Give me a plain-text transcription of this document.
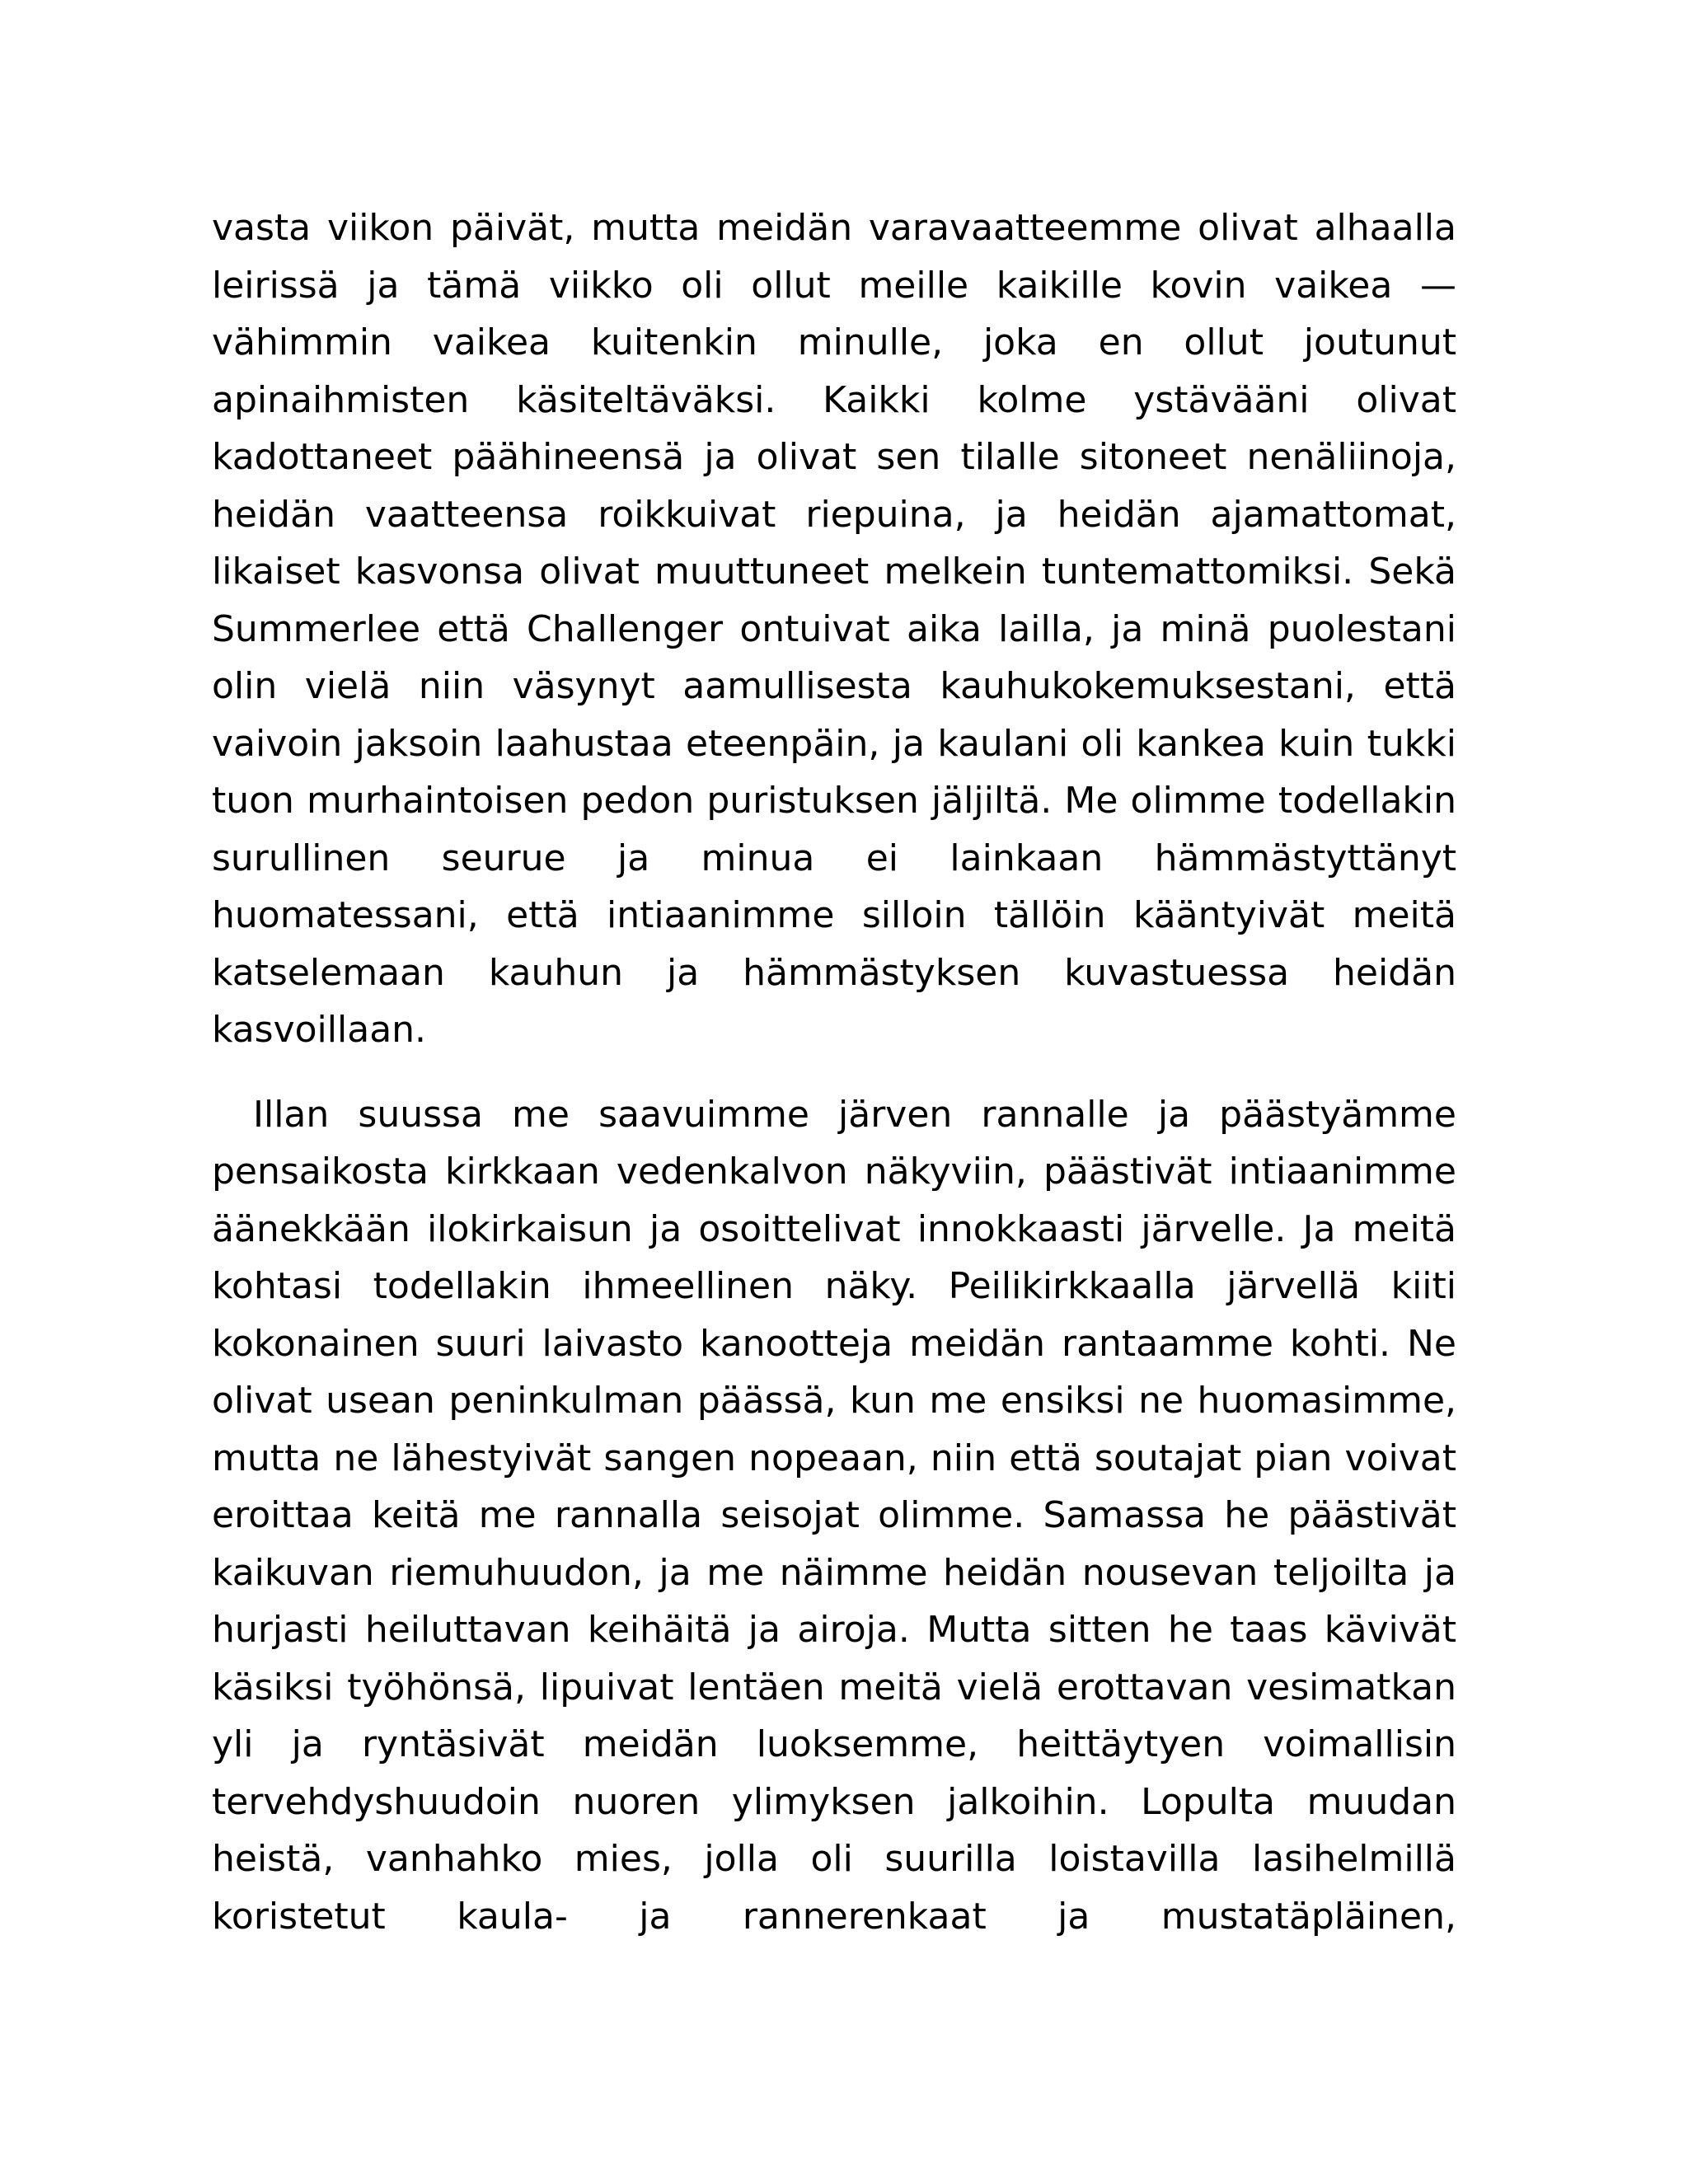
vasta viikon päivät, mutta meidän varavaatteemme olivat alhaalla leirissä ja tämä viikko oli ollut meille kaikille kovin vaikea — vähimmin vaikea kuitenkin minulle, joka en ollut joutunut apinaihmisten käsiteltäväksi. Kaikki kolme ystävääni olivat kadottaneet päähineensä ja olivat sen tilalle sitoneet nenäliinoja, heidän vaatteensa roikkuivat riepuina, ja heidän ajamattomat, likaiset kasvonsa olivat muuttuneet melkein tuntemattomiksi. Sekä Summerlee että Challenger ontuivat aika lailla, ja minä puolestani olin vielä niin väsynyt aamullisesta kauhukokemuksestani, että vaivoin jaksoin laahustaa eteenpäin, ja kaulani oli kankea kuin tukki tuon murhaintoisen pedon puristuksen jäljiltä. Me olimme todellakin surullinen seurue ja minua ei lainkaan hämmästyttänyt huomatessani, että intiaanimme silloin tällöin kääntyivät meitä katselemaan kauhun ja hämmästyksen kuvastuessa heidän kasvoillaan.

Illan suussa me saavuimme järven rannalle ja päästyämme pensaikosta kirkkaan vedenkalvon näkyviin, päästivät intiaanimme äänekkään ilokirkaisun ja osoittelivat innokkaasti järvelle. Ja meitä kohtasi todellakin ihmeellinen näky. Peilikirkkaalla järvellä kiiti kokonainen suuri laivasto kanootteja meidän rantaamme kohti. Ne olivat usean peninkulman päässä, kun me ensiksi ne huomasimme, mutta ne lähestyivät sangen nopeaan, niin että soutajat pian voivat eroittaa keitä me rannalla seisojat olimme. Samassa he päästivät kaikuvan riemuhuudon, ja me näimme heidän nousevan teljoilta ja hurjasti heiluttavan keihäitä ja airoja. Mutta sitten he taas kävivät käsiksi työhönsä, lipuivat lentäen meitä vielä erottavan vesimatkan yli ja ryntäsivät meidän luoksemme, heittäytyen voimallisin tervehdyshuudoin nuoren ylimyksen jalkoihin. Lopulta muudan heistä, vanhahko mies, jolla oli suurilla loistavilla lasihelmillä koristetut kaula- ja rannerenkaat ja mustatäpläinen,
